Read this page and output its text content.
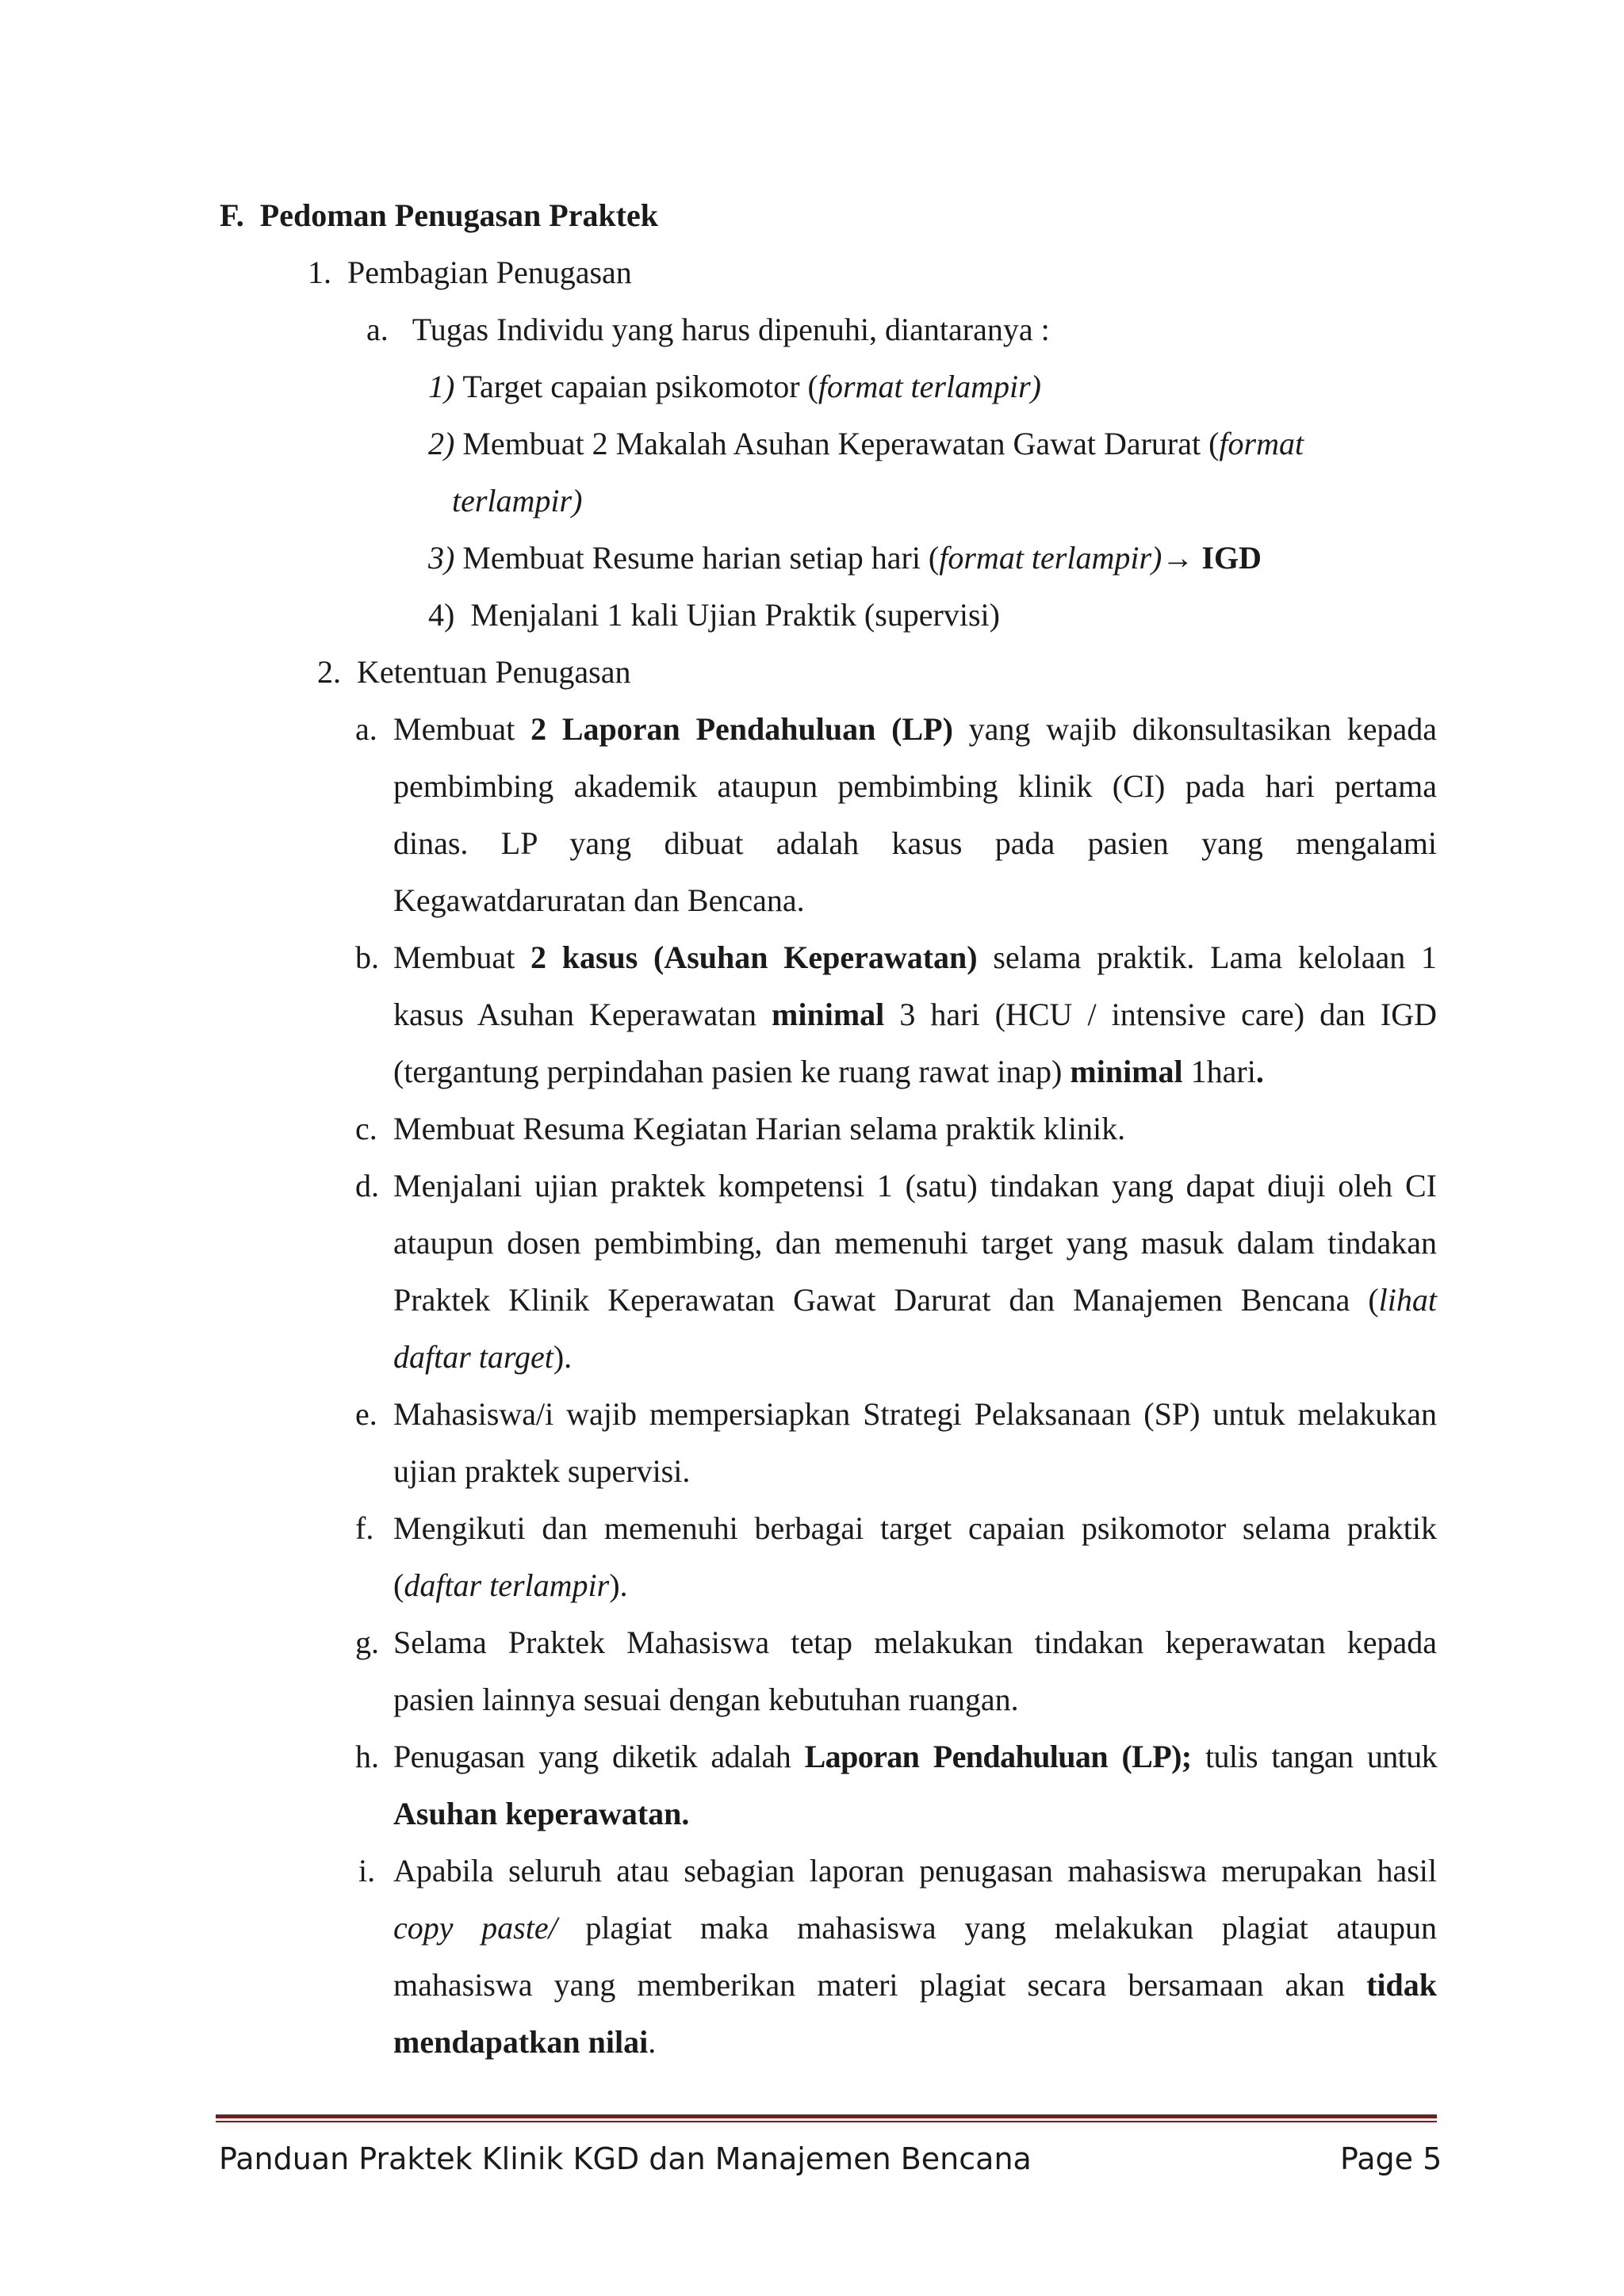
F. Pedoman Penugasan Praktek
1. Pembagian Penugasan
a. Tugas Individu yang harus dipenuhi, diantaranya :
1) Target capaian psikomotor (format terlampir)
2) Membuat 2 Makalah Asuhan Keperawatan Gawat Darurat (format
terlampir)
3) Membuat Resume harian setiap hari (format terlampir)→ IGD
4) Menjalani 1 kali Ujian Praktik (supervisi)
2. Ketentuan Penugasan
a. Membuat 2 Laporan Pendahuluan (LP) yang wajib dikonsultasikan kepada
pembimbing akademik ataupun pembimbing klinik (CI) pada hari pertama
dinas. LP yang dibuat adalah kasus pada pasien yang mengalami
Kegawatdaruratan dan Bencana.
b. Membuat 2 kasus (Asuhan Keperawatan) selama praktik. Lama kelolaan 1
kasus Asuhan Keperawatan minimal 3 hari (HCU / intensive care) dan IGD
(tergantung perpindahan pasien ke ruang rawat inap) minimal 1hari.
c. Membuat Resuma Kegiatan Harian selama praktik klinik.
d. Menjalani ujian praktek kompetensi 1 (satu) tindakan yang dapat diuji oleh CI
ataupun dosen pembimbing, dan memenuhi target yang masuk dalam tindakan
Praktek Klinik Keperawatan Gawat Darurat dan Manajemen Bencana (lihat
daftar target).
e. Mahasiswa/i wajib mempersiapkan Strategi Pelaksanaan (SP) untuk melakukan
ujian praktek supervisi.
f. Mengikuti dan memenuhi berbagai target capaian psikomotor selama praktik
(daftar terlampir).
g. Selama Praktek Mahasiswa tetap melakukan tindakan keperawatan kepada
pasien lainnya sesuai dengan kebutuhan ruangan.
h. Penugasan yang diketik adalah Laporan Pendahuluan (LP); tulis tangan untuk
Asuhan keperawatan.
i. Apabila seluruh atau sebagian laporan penugasan mahasiswa merupakan hasil
copy paste/ plagiat maka mahasiswa yang melakukan plagiat ataupun
mahasiswa yang memberikan materi plagiat secara bersamaan akan tidak
mendapatkan nilai.
Panduan Praktek Klinik KGD dan Manajemen Bencana	Page 5
